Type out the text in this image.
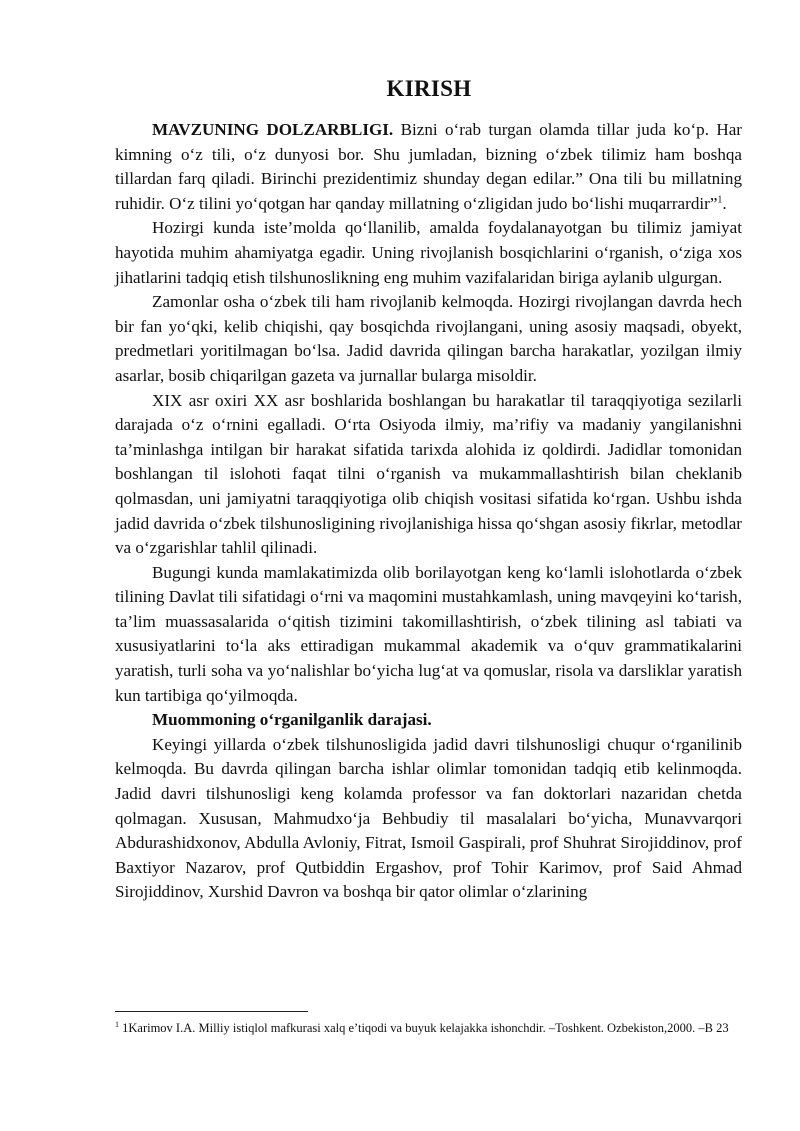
KIRISH

MAVZUNING DOLZARBLIGI. Bizni o‘rab turgan olamda tillar juda ko‘p. Har kimning o‘z tili, o‘z dunyosi bor. Shu jumladan, bizning o‘zbek tilimiz ham boshqa tillardan farq qiladi. Birinchi prezidentimiz shunday degan edilar.” Ona tili bu millatning ruhidir. O‘z tilini yo‘qotgan har qanday millatning o‘zligidan judo bo‘lishi muqarrardir”$^1$.

Hozirgi kunda iste’molda qo‘llanilib, amalda foydalanayotgan bu tilimiz jamiyat hayotida muhim ahamiyatga egadir. Uning rivojlanish bosqichlarini o‘rganish, o‘ziga xos jihatlarini tadqiq etish tilshunoslikning eng muhim vazifalaridan biriga aylanib ulgurgan.

Zamonlar osha o‘zbek tili ham rivojlanib kelmoqda. Hozirgi rivojlangan davrda hech bir fan yo‘qki, kelib chiqishi, qay bosqichda rivojlangani, uning asosiy maqsadi, obyekt, predmetlari yoritilmagan bo‘lsa. Jadid davrida qilingan barcha harakatlar, yozilgan ilmiy asarlar, bosib chiqarilgan gazeta va jurnallar bularga misoldir.

XIX asr oxiri XX asr boshlarida boshlangan bu harakatlar til taraqqiyotiga sezilarli darajada o‘z o‘rnini egalladi. O‘rta Osiyoda ilmiy, ma’rifiy va madaniy yangilanishni ta’minlashga intilgan bir harakat sifatida tarixda alohida iz qoldirdi. Jadidlar tomonidan boshlangan til islohoti faqat tilni o‘rganish va mukammallashtirish bilan cheklanib qolmasdan, uni jamiyatni taraqqiyotiga olib chiqish vositasi sifatida ko‘rgan. Ushbu ishda jadid davrida o‘zbek tilshunosligining rivojlanishiga hissa qo‘shgan asosiy fikrlar, metodlar va o‘zgarishlar tahlil qilinadi.

Bugungi kunda mamlakatimizda olib borilayotgan keng ko‘lamli islohotlarda o‘zbek tilining Davlat tili sifatidagi o‘rni va maqomini mustahkamlash, uning mavqeyini ko‘tarish, ta’lim muassasalarida o‘qitish tizimini takomillashtirish, o‘zbek tilining asl tabiati va xususiyatlarini to‘la aks ettiradigan mukammal akademik va o‘quv grammatikalarini yaratish, turli soha va yo‘nalishlar bo‘yicha lug‘at va qomuslar, risola va darsliklar yaratish kun tartibiga qo‘yilmoqda.

Muommoning o‘rganilganlik darajasi.

Keyingi yillarda o‘zbek tilshunosligida jadid davri tilshunosligi chuqur o‘rganilinib kelmoqda. Bu davrda qilingan barcha ishlar olimlar tomonidan tadqiq etib kelinmoqda. Jadid davri tilshunosligi keng kolamda professor va fan doktorlari nazaridan chetda qolmagan. Xususan, Mahmudxo‘ja Behbudiy til masalalari bo‘yicha, Munavvarqori Abdurashidxonov, Abdulla Avloniy, Fitrat, Ismoil Gaspirali, prof Shuhrat Sirojiddinov, prof Baxtiyor Nazarov, prof Qutbiddin Ergashov, prof Tohir Karimov, prof Said Ahmad Sirojiddinov, Xurshid Davron va boshqa bir qator olimlar o‘zlarining

$^1$ 1Karimov I.A. Milliy istiqlol mafkurasi xalq e’tiqodi va buyuk kelajakka ishonchdir. –Toshkent. Ozbekiston,2000. –B 23
